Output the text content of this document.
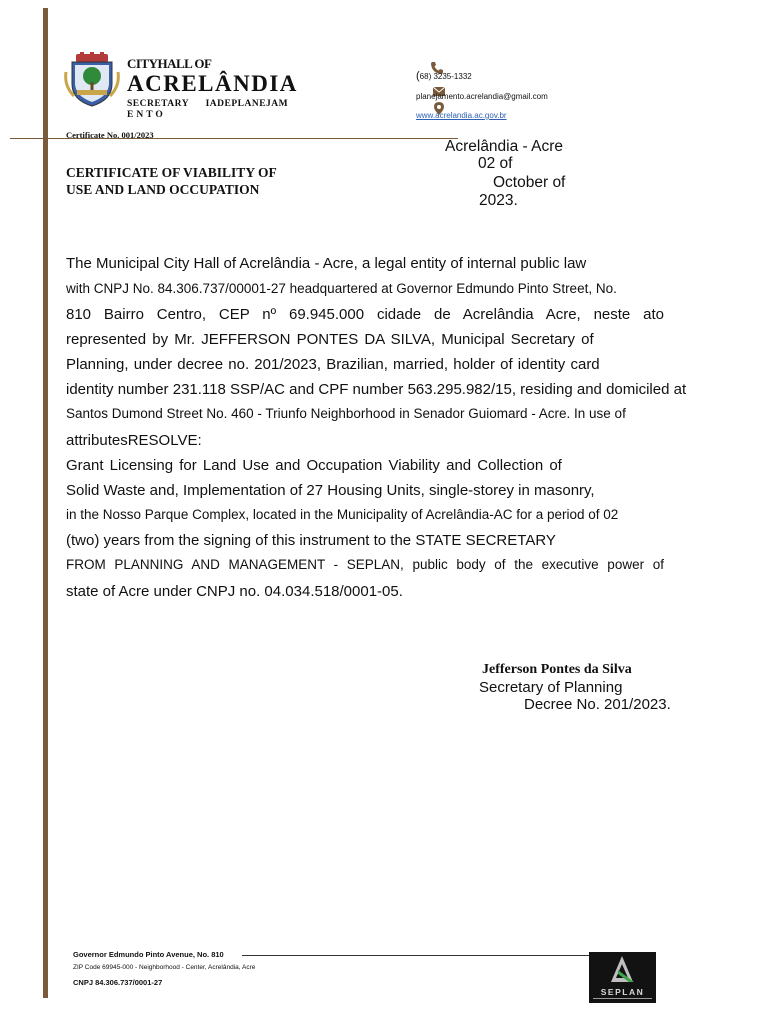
CITYHALL OF
ACRELÂNDIA
SECRETARY IADEPLANEJAM
ENTO
Certificate No. 001/2023
(68) 3235-1332
planejamento.acrelandia@gmail.com
www.acrelandia.ac.gov.br
Acrelândia - Acre
02 of
October of
2023.
CERTIFICATE OF VIABILITY OF
USE AND LAND OCCUPATION
The Municipal City Hall of Acrelândia - Acre, a legal entity of internal public law
with CNPJ No. 84.306.737/00001-27 headquartered at Governor Edmundo Pinto Street, No.
810 Bairro Centro, CEP nº 69.945.000 cidade de Acrelândia Acre, neste ato
represented by Mr. JEFFERSON PONTES DA SILVA, Municipal Secretary of
Planning, under decree no. 201/2023, Brazilian, married, holder of identity card
identity number 231.118 SSP/AC and CPF number 563.295.982/15, residing and domiciled at
Santos Dumond Street No. 460 - Triunfo Neighborhood in Senador Guiomard - Acre. In use of
attributesRESOLVE:
Grant Licensing for Land Use and Occupation Viability and Collection of
Solid Waste and, Implementation of 27 Housing Units, single-storey in masonry,
in the Nosso Parque Complex, located in the Municipality of Acrelândia-AC for a period of 02
(two) years from the signing of this instrument to the STATE SECRETARY
FROM PLANNING AND MANAGEMENT - SEPLAN, public body of the executive power of
state of Acre under CNPJ no. 04.034.518/0001-05.
Jefferson Pontes da Silva
Secretary of Planning
Decree No. 201/2023.
Governor Edmundo Pinto Avenue, No. 810
ZIP Code 69945-000 - Neighborhood - Center, Acrelândia, Acre
CNPJ 84.306.737/0001-27
SEPLAN
